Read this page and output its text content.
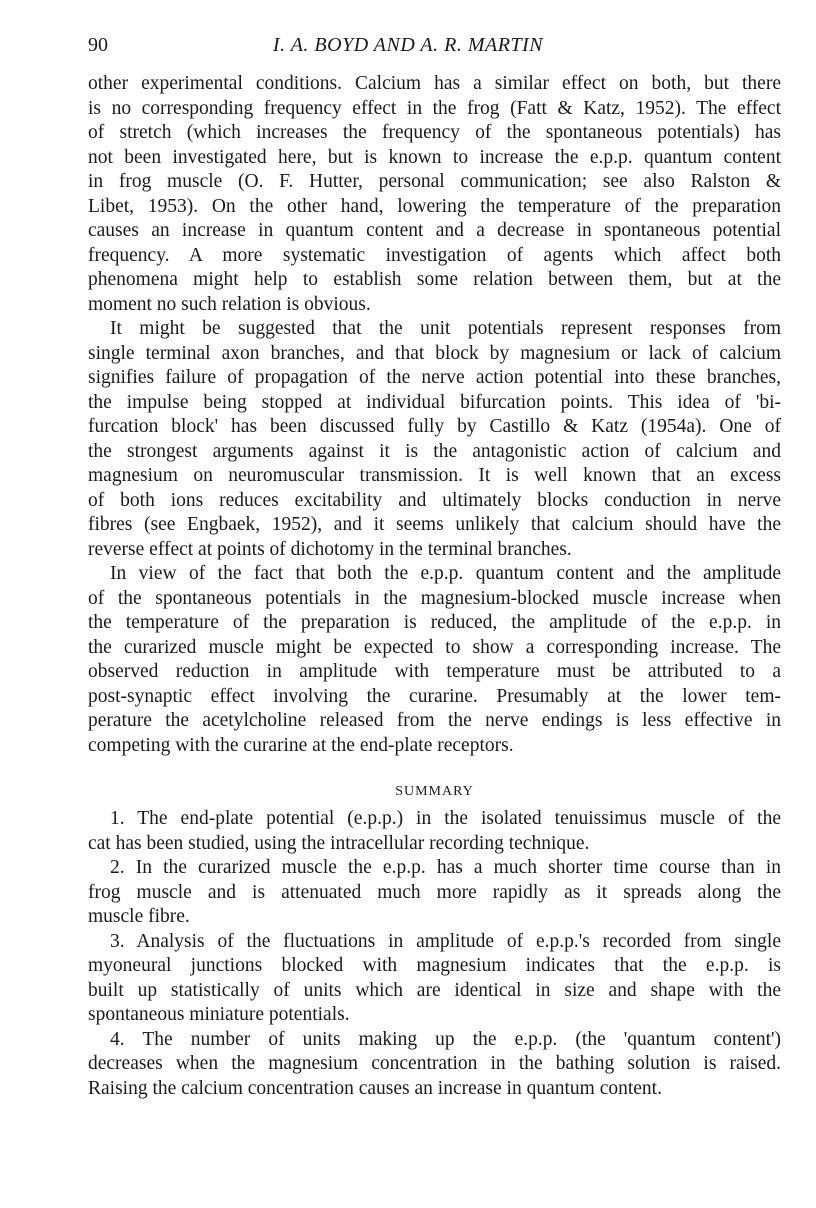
90	I. A. BOYD AND A. R. MARTIN
other experimental conditions. Calcium has a similar effect on both, but there
is no corresponding frequency effect in the frog (Fatt & Katz, 1952). The effect
of stretch (which increases the frequency of the spontaneous potentials) has
not been investigated here, but is known to increase the e.p.p. quantum content
in frog muscle (O. F. Hutter, personal communication; see also Ralston &
Libet, 1953). On the other hand, lowering the temperature of the preparation
causes an increase in quantum content and a decrease in spontaneous potential
frequency. A more systematic investigation of agents which affect both
phenomena might help to establish some relation between them, but at the
moment no such relation is obvious.
It might be suggested that the unit potentials represent responses from
single terminal axon branches, and that block by magnesium or lack of calcium
signifies failure of propagation of the nerve action potential into these branches,
the impulse being stopped at individual bifurcation points. This idea of 'bi-
furcation block' has been discussed fully by Castillo & Katz (1954a). One of
the strongest arguments against it is the antagonistic action of calcium and
magnesium on neuromuscular transmission. It is well known that an excess
of both ions reduces excitability and ultimately blocks conduction in nerve
fibres (see Engbaek, 1952), and it seems unlikely that calcium should have the
reverse effect at points of dichotomy in the terminal branches.
In view of the fact that both the e.p.p. quantum content and the amplitude
of the spontaneous potentials in the magnesium-blocked muscle increase when
the temperature of the preparation is reduced, the amplitude of the e.p.p. in
the curarized muscle might be expected to show a corresponding increase. The
observed reduction in amplitude with temperature must be attributed to a
post-synaptic effect involving the curarine. Presumably at the lower tem-
perature the acetylcholine released from the nerve endings is less effective in
competing with the curarine at the end-plate receptors.
SUMMARY
1. The end-plate potential (e.p.p.) in the isolated tenuissimus muscle of the
cat has been studied, using the intracellular recording technique.
2. In the curarized muscle the e.p.p. has a much shorter time course than in
frog muscle and is attenuated much more rapidly as it spreads along the
muscle fibre.
3. Analysis of the fluctuations in amplitude of e.p.p.'s recorded from single
myoneural junctions blocked with magnesium indicates that the e.p.p. is
built up statistically of units which are identical in size and shape with the
spontaneous miniature potentials.
4. The number of units making up the e.p.p. (the 'quantum content')
decreases when the magnesium concentration in the bathing solution is raised.
Raising the calcium concentration causes an increase in quantum content.
